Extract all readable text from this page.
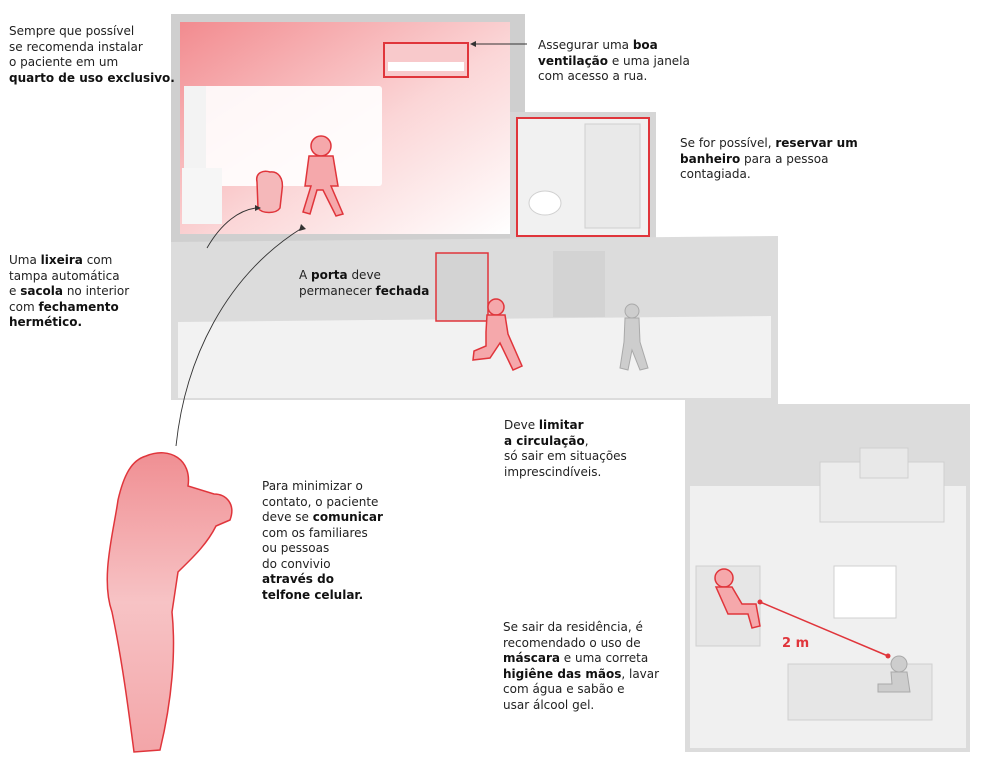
Sempre que possível
se recomenda instalar
o paciente em um
quarto de uso exclusivo.
Assegurar uma boa
ventilação e uma janela
com acesso a rua.
Se for possível, reservar um
banheiro para a pessoa
contagiada.
Uma lixeira com
tampa automática
e sacola no interior
com fechamento
hermético.
A porta deve
permanecer fechada
Deve limitar
a circulação,
só sair em situações
imprescindíveis.
Para minimizar o
contato, o paciente
deve se comunicar
com os familiares
ou pessoas
do convivio
através do
telfone celular.
Se sair da residência, é
recomendado o uso de
máscara e uma correta
higiêne das mãos, lavar
com água e sabão e
usar álcool gel.
2 m
